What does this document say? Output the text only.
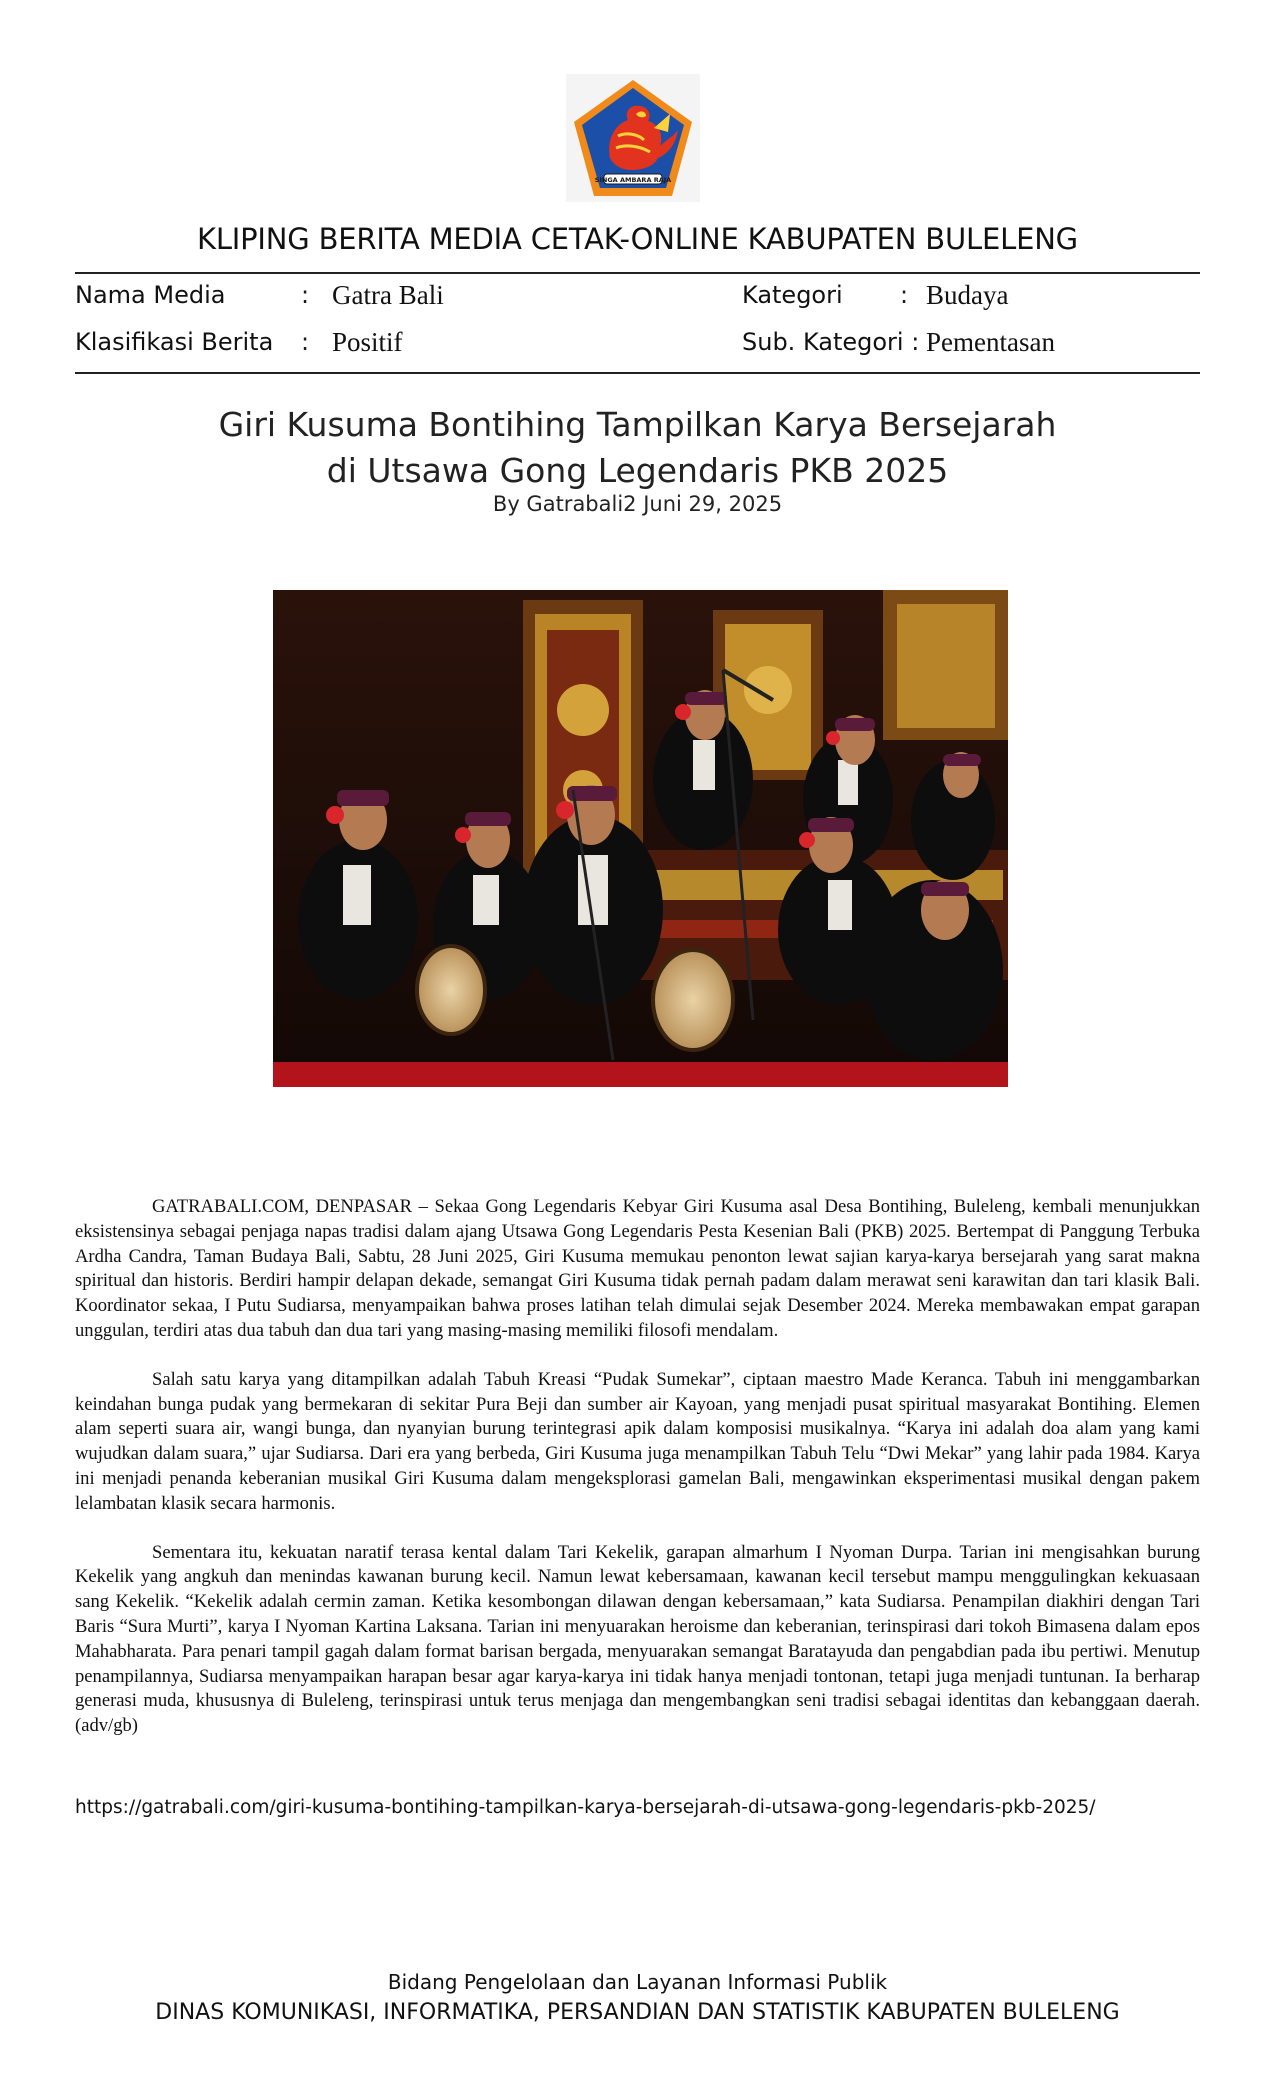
SINGA AMBARA RAJA
KLIPING BERITA MEDIA CETAK-ONLINE KABUPATEN BULELENG
Nama Media	: Gatra Bali	Kategori : Budaya
Klasifikasi Berita : Positif	Sub. Kategori : Pementasan
Giri Kusuma Bontihing Tampilkan Karya Bersejarah
di Utsawa Gong Legendaris PKB 2025
By Gatrabali2 Juni 29, 2025

GATRABALI.COM, DENPASAR – Sekaa Gong Legendaris Kebyar Giri Kusuma asal Desa Bontihing, Buleleng, kembali menunjukkan eksistensinya sebagai penjaga napas tradisi dalam ajang Utsawa Gong Legendaris Pesta Kesenian Bali (PKB) 2025. Bertempat di Panggung Terbuka Ardha Candra, Taman Budaya Bali, Sabtu, 28 Juni 2025, Giri Kusuma memukau penonton lewat sajian karya-karya bersejarah yang sarat makna spiritual dan historis. Berdiri hampir delapan dekade, semangat Giri Kusuma tidak pernah padam dalam merawat seni karawitan dan tari klasik Bali. Koordinator sekaa, I Putu Sudiarsa, menyampaikan bahwa proses latihan telah dimulai sejak Desember 2024. Mereka membawakan empat garapan unggulan, terdiri atas dua tabuh dan dua tari yang masing-masing memiliki filosofi mendalam.

Salah satu karya yang ditampilkan adalah Tabuh Kreasi “Pudak Sumekar”, ciptaan maestro Made Keranca. Tabuh ini menggambarkan keindahan bunga pudak yang bermekaran di sekitar Pura Beji dan sumber air Kayoan, yang menjadi pusat spiritual masyarakat Bontihing. Elemen alam seperti suara air, wangi bunga, dan nyanyian burung terintegrasi apik dalam komposisi musikalnya. “Karya ini adalah doa alam yang kami wujudkan dalam suara,” ujar Sudiarsa. Dari era yang berbeda, Giri Kusuma juga menampilkan Tabuh Telu “Dwi Mekar” yang lahir pada 1984. Karya ini menjadi penanda keberanian musikal Giri Kusuma dalam mengeksplorasi gamelan Bali, mengawinkan eksperimentasi musikal dengan pakem lelambatan klasik secara harmonis.

Sementara itu, kekuatan naratif terasa kental dalam Tari Kekelik, garapan almarhum I Nyoman Durpa. Tarian ini mengisahkan burung Kekelik yang angkuh dan menindas kawanan burung kecil. Namun lewat kebersamaan, kawanan kecil tersebut mampu menggulingkan kekuasaan sang Kekelik. “Kekelik adalah cermin zaman. Ketika kesombongan dilawan dengan kebersamaan,” kata Sudiarsa. Penampilan diakhiri dengan Tari Baris “Sura Murti”, karya I Nyoman Kartina Laksana. Tarian ini menyuarakan heroisme dan keberanian, terinspirasi dari tokoh Bimasena dalam epos Mahabharata. Para penari tampil gagah dalam format barisan bergada, menyuarakan semangat Baratayuda dan pengabdian pada ibu pertiwi. Menutup penampilannya, Sudiarsa menyampaikan harapan besar agar karya-karya ini tidak hanya menjadi tontonan, tetapi juga menjadi tuntunan. Ia berharap generasi muda, khususnya di Buleleng, terinspirasi untuk terus menjaga dan mengembangkan seni tradisi sebagai identitas dan kebanggaan daerah. (adv/gb)

https://gatrabali.com/giri-kusuma-bontihing-tampilkan-karya-bersejarah-di-utsawa-gong-legendaris-pkb-2025/
Bidang Pengelolaan dan Layanan Informasi Publik
DINAS KOMUNIKASI, INFORMATIKA, PERSANDIAN DAN STATISTIK KABUPATEN BULELENG
